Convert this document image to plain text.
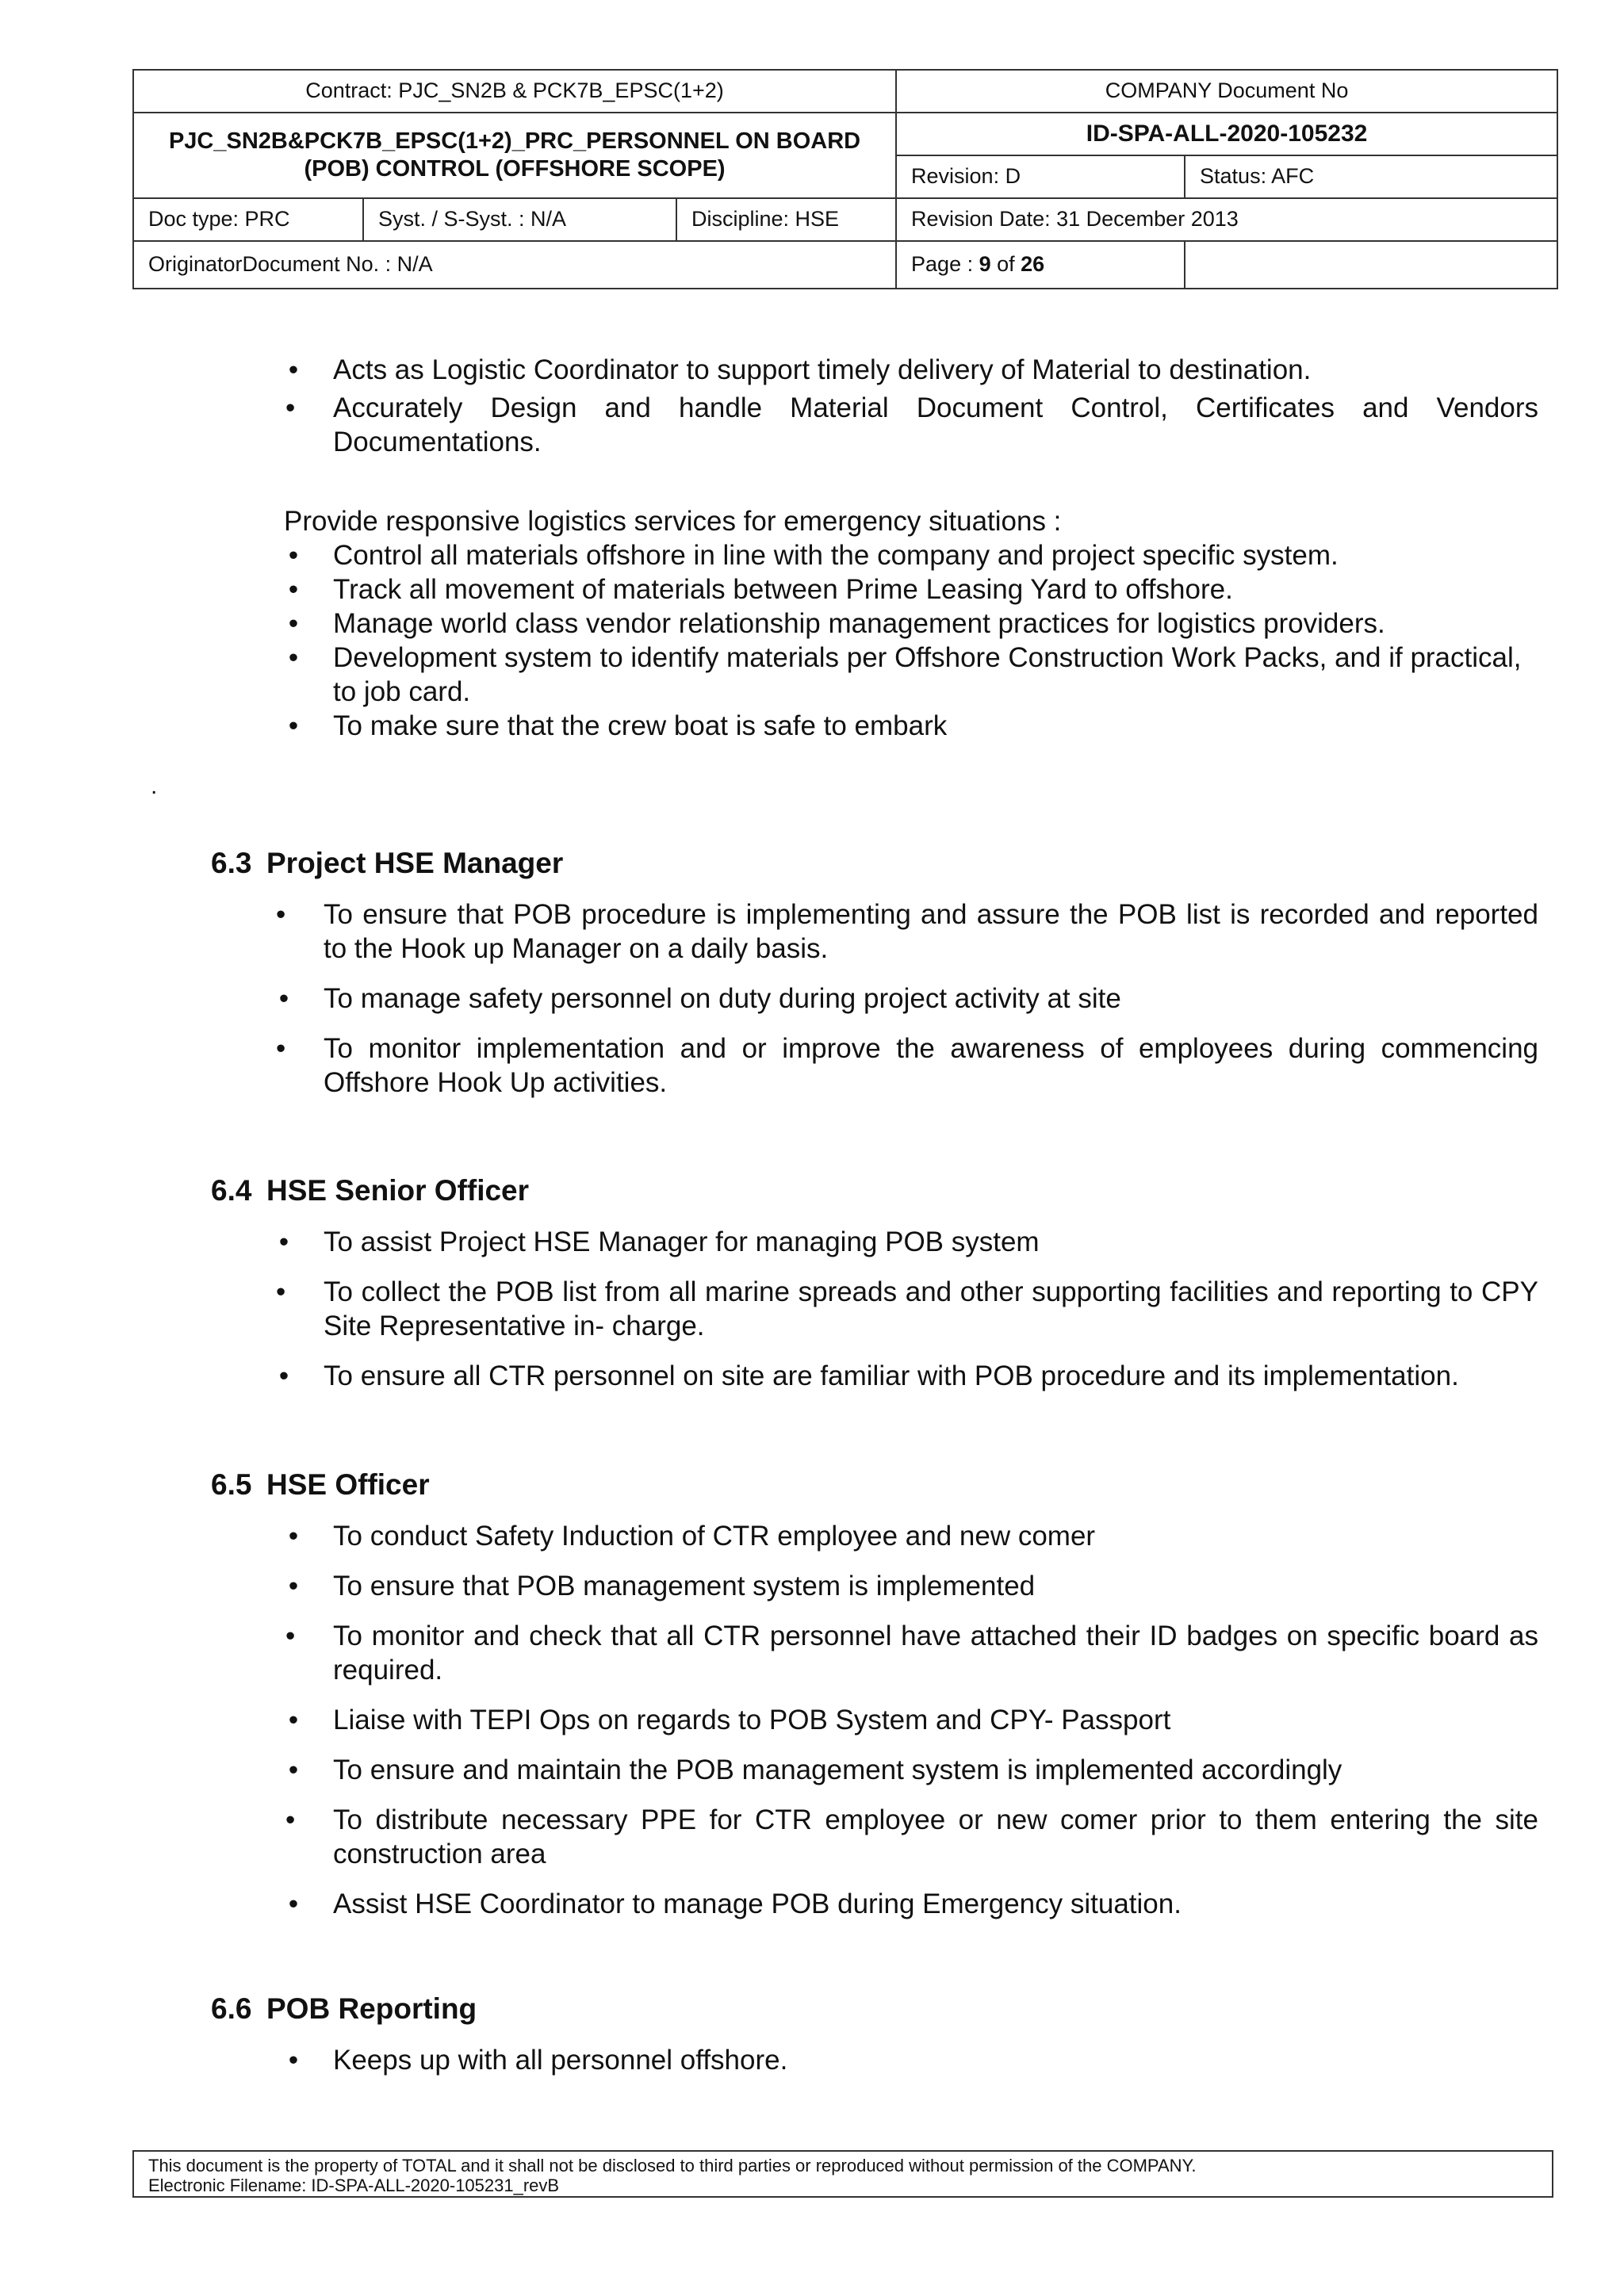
Contract: PJC_SN2B & PCK7B_EPSC(1+2)			COMPANY Document No	
PJC_SN2B&PCK7B_EPSC(1+2)_PRC_PERSONNEL ON BOARD (POB) CONTROL (OFFSHORE SCOPE)			ID-SPA-ALL-2020-105232	
			Revision: D	Status: AFC
Doc type: PRC	Syst. / S-Syst. : N/A	Discipline: HSE	Revision Date: 31 December 2013	
OriginatorDocument No. : N/A			Page : 9 of 26	
• Acts as Logistic Coordinator to support timely delivery of Material to destination.
• Accurately Design and handle Material Document Control, Certificates and Vendors Documentations.
Provide responsive logistics services for emergency situations :
• Control all materials offshore in line with the company and project specific system.
• Track all movement of materials between Prime Leasing Yard to offshore.
• Manage world class vendor relationship management practices for logistics providers.
• Development system to identify materials per Offshore Construction Work Packs, and if practical, to job card.
• To make sure that the crew boat is safe to embark
.
6.3 Project HSE Manager
• To ensure that POB procedure is implementing and assure the POB list is recorded and reported to the Hook up Manager on a daily basis.
• To manage safety personnel on duty during project activity at site
• To monitor implementation and or improve the awareness of employees during commencing Offshore Hook Up activities.
6.4 HSE Senior Officer
• To assist Project HSE Manager for managing POB system
• To collect the POB list from all marine spreads and other supporting facilities and reporting to CPY Site Representative in- charge.
• To ensure all CTR personnel on site are familiar with POB procedure and its implementation.
6.5 HSE Officer
• To conduct Safety Induction of CTR employee and new comer
• To ensure that POB management system is implemented
• To monitor and check that all CTR personnel have attached their ID badges on specific board as required.
• Liaise with TEPI Ops on regards to POB System and CPY- Passport
• To ensure and maintain the POB management system is implemented accordingly
• To distribute necessary PPE for CTR employee or new comer prior to them entering the site construction area
• Assist HSE Coordinator to manage POB during Emergency situation.
6.6 POB Reporting
• Keeps up with all personnel offshore.
This document is the property of TOTAL and it shall not be disclosed to third parties or reproduced without permission of the COMPANY.
Electronic Filename: ID-SPA-ALL-2020-105231_revB
